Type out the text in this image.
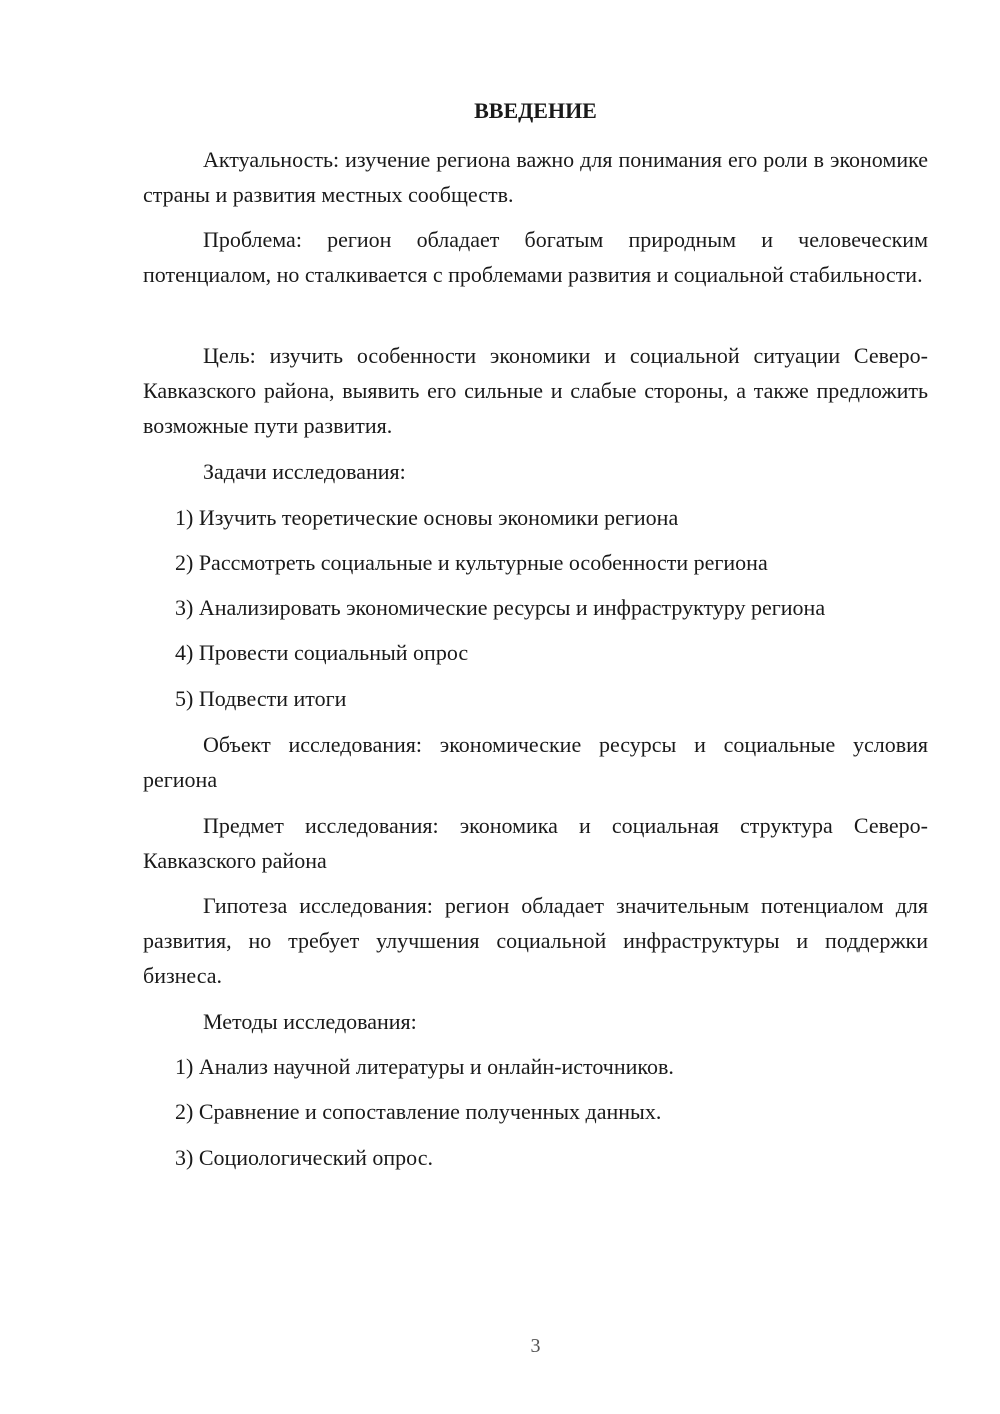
ВВЕДЕНИЕ

Актуальность: изучение региона важно для понимания его роли в экономике страны и развития местных сообществ.

Проблема: регион обладает богатым природным и человеческим потенциалом, но сталкивается с проблемами развития и социальной стабильности.

Цель: изучить особенности экономики и социальной ситуации Северо-Кавказского района, выявить его сильные и слабые стороны, а также предложить возможные пути развития.

Задачи исследования:

1) Изучить теоретические основы экономики региона

2) Рассмотреть социальные и культурные особенности региона

3) Анализировать экономические ресурсы и инфраструктуру региона

4) Провести социальный опрос

5) Подвести итоги

Объект исследования: экономические ресурсы и социальные условия региона

Предмет исследования: экономика и социальная структура Северо-Кавказского района

Гипотеза исследования: регион обладает значительным потенциалом для развития, но требует улучшения социальной инфраструктуры и поддержки бизнеса.

Методы исследования:

1) Анализ научной литературы и онлайн-источников.

2) Сравнение и сопоставление полученных данных.

3) Социологический опрос.

3
